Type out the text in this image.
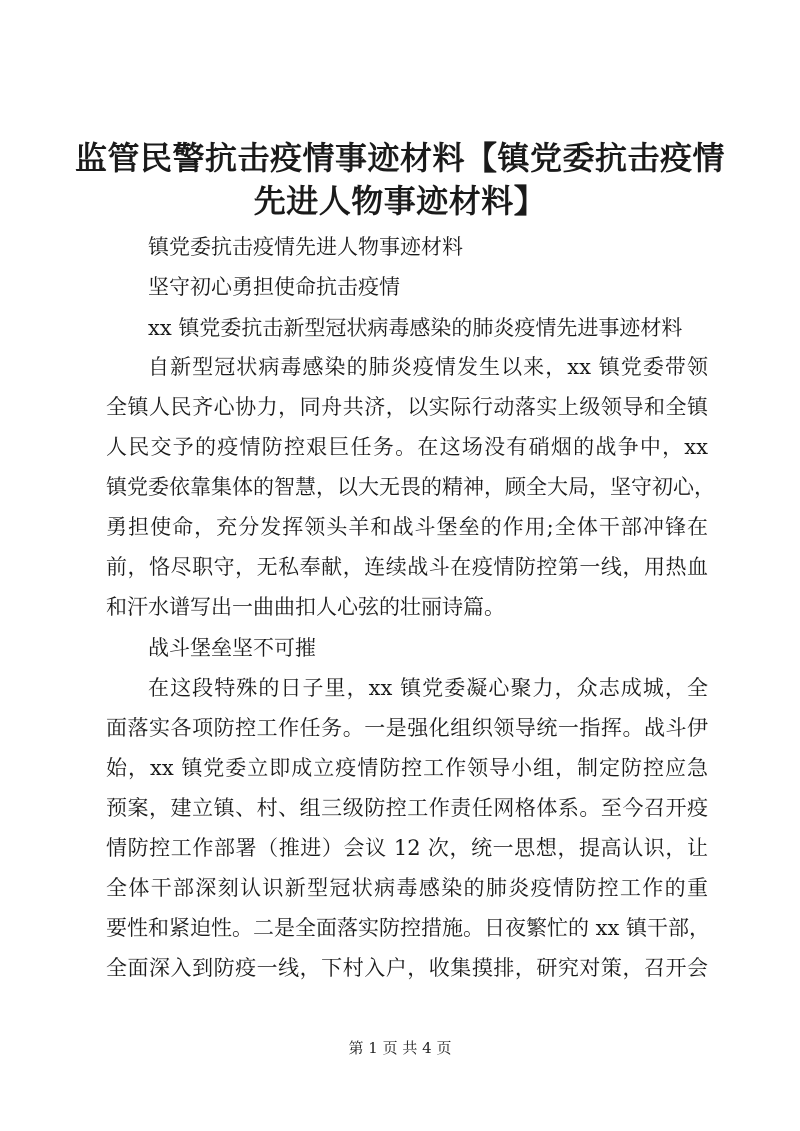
监管民警抗击疫情事迹材料【镇党委抗击疫情
先进人物事迹材料】

镇党委抗击疫情先进人物事迹材料

坚守初心勇担使命抗击疫情

xx 镇党委抗击新型冠状病毒感染的肺炎疫情先进事迹材料

自新型冠状病毒感染的肺炎疫情发生以来，xx 镇党委带领

全镇人民齐心协力，同舟共济，以实际行动落实上级领导和全镇

人民交予的疫情防控艰巨任务。在这场没有硝烟的战争中，xx

镇党委依靠集体的智慧，以大无畏的精神，顾全大局，坚守初心，

勇担使命，充分发挥领头羊和战斗堡垒的作用;全体干部冲锋在

前，恪尽职守，无私奉献，连续战斗在疫情防控第一线，用热血

和汗水谱写出一曲曲扣人心弦的壮丽诗篇。

战斗堡垒坚不可摧

在这段特殊的日子里，xx 镇党委凝心聚力，众志成城，全

面落实各项防控工作任务。一是强化组织领导统一指挥。战斗伊

始，xx 镇党委立即成立疫情防控工作领导小组，制定防控应急

预案，建立镇、村、组三级防控工作责任网格体系。至今召开疫

情防控工作部署（推进）会议 12 次，统一思想，提高认识，让

全体干部深刻认识新型冠状病毒感染的肺炎疫情防控工作的重

要性和紧迫性。二是全面落实防控措施。日夜繁忙的 xx 镇干部，

全面深入到防疫一线，下村入户，收集摸排，研究对策，召开会

第 1 页 共 4 页
